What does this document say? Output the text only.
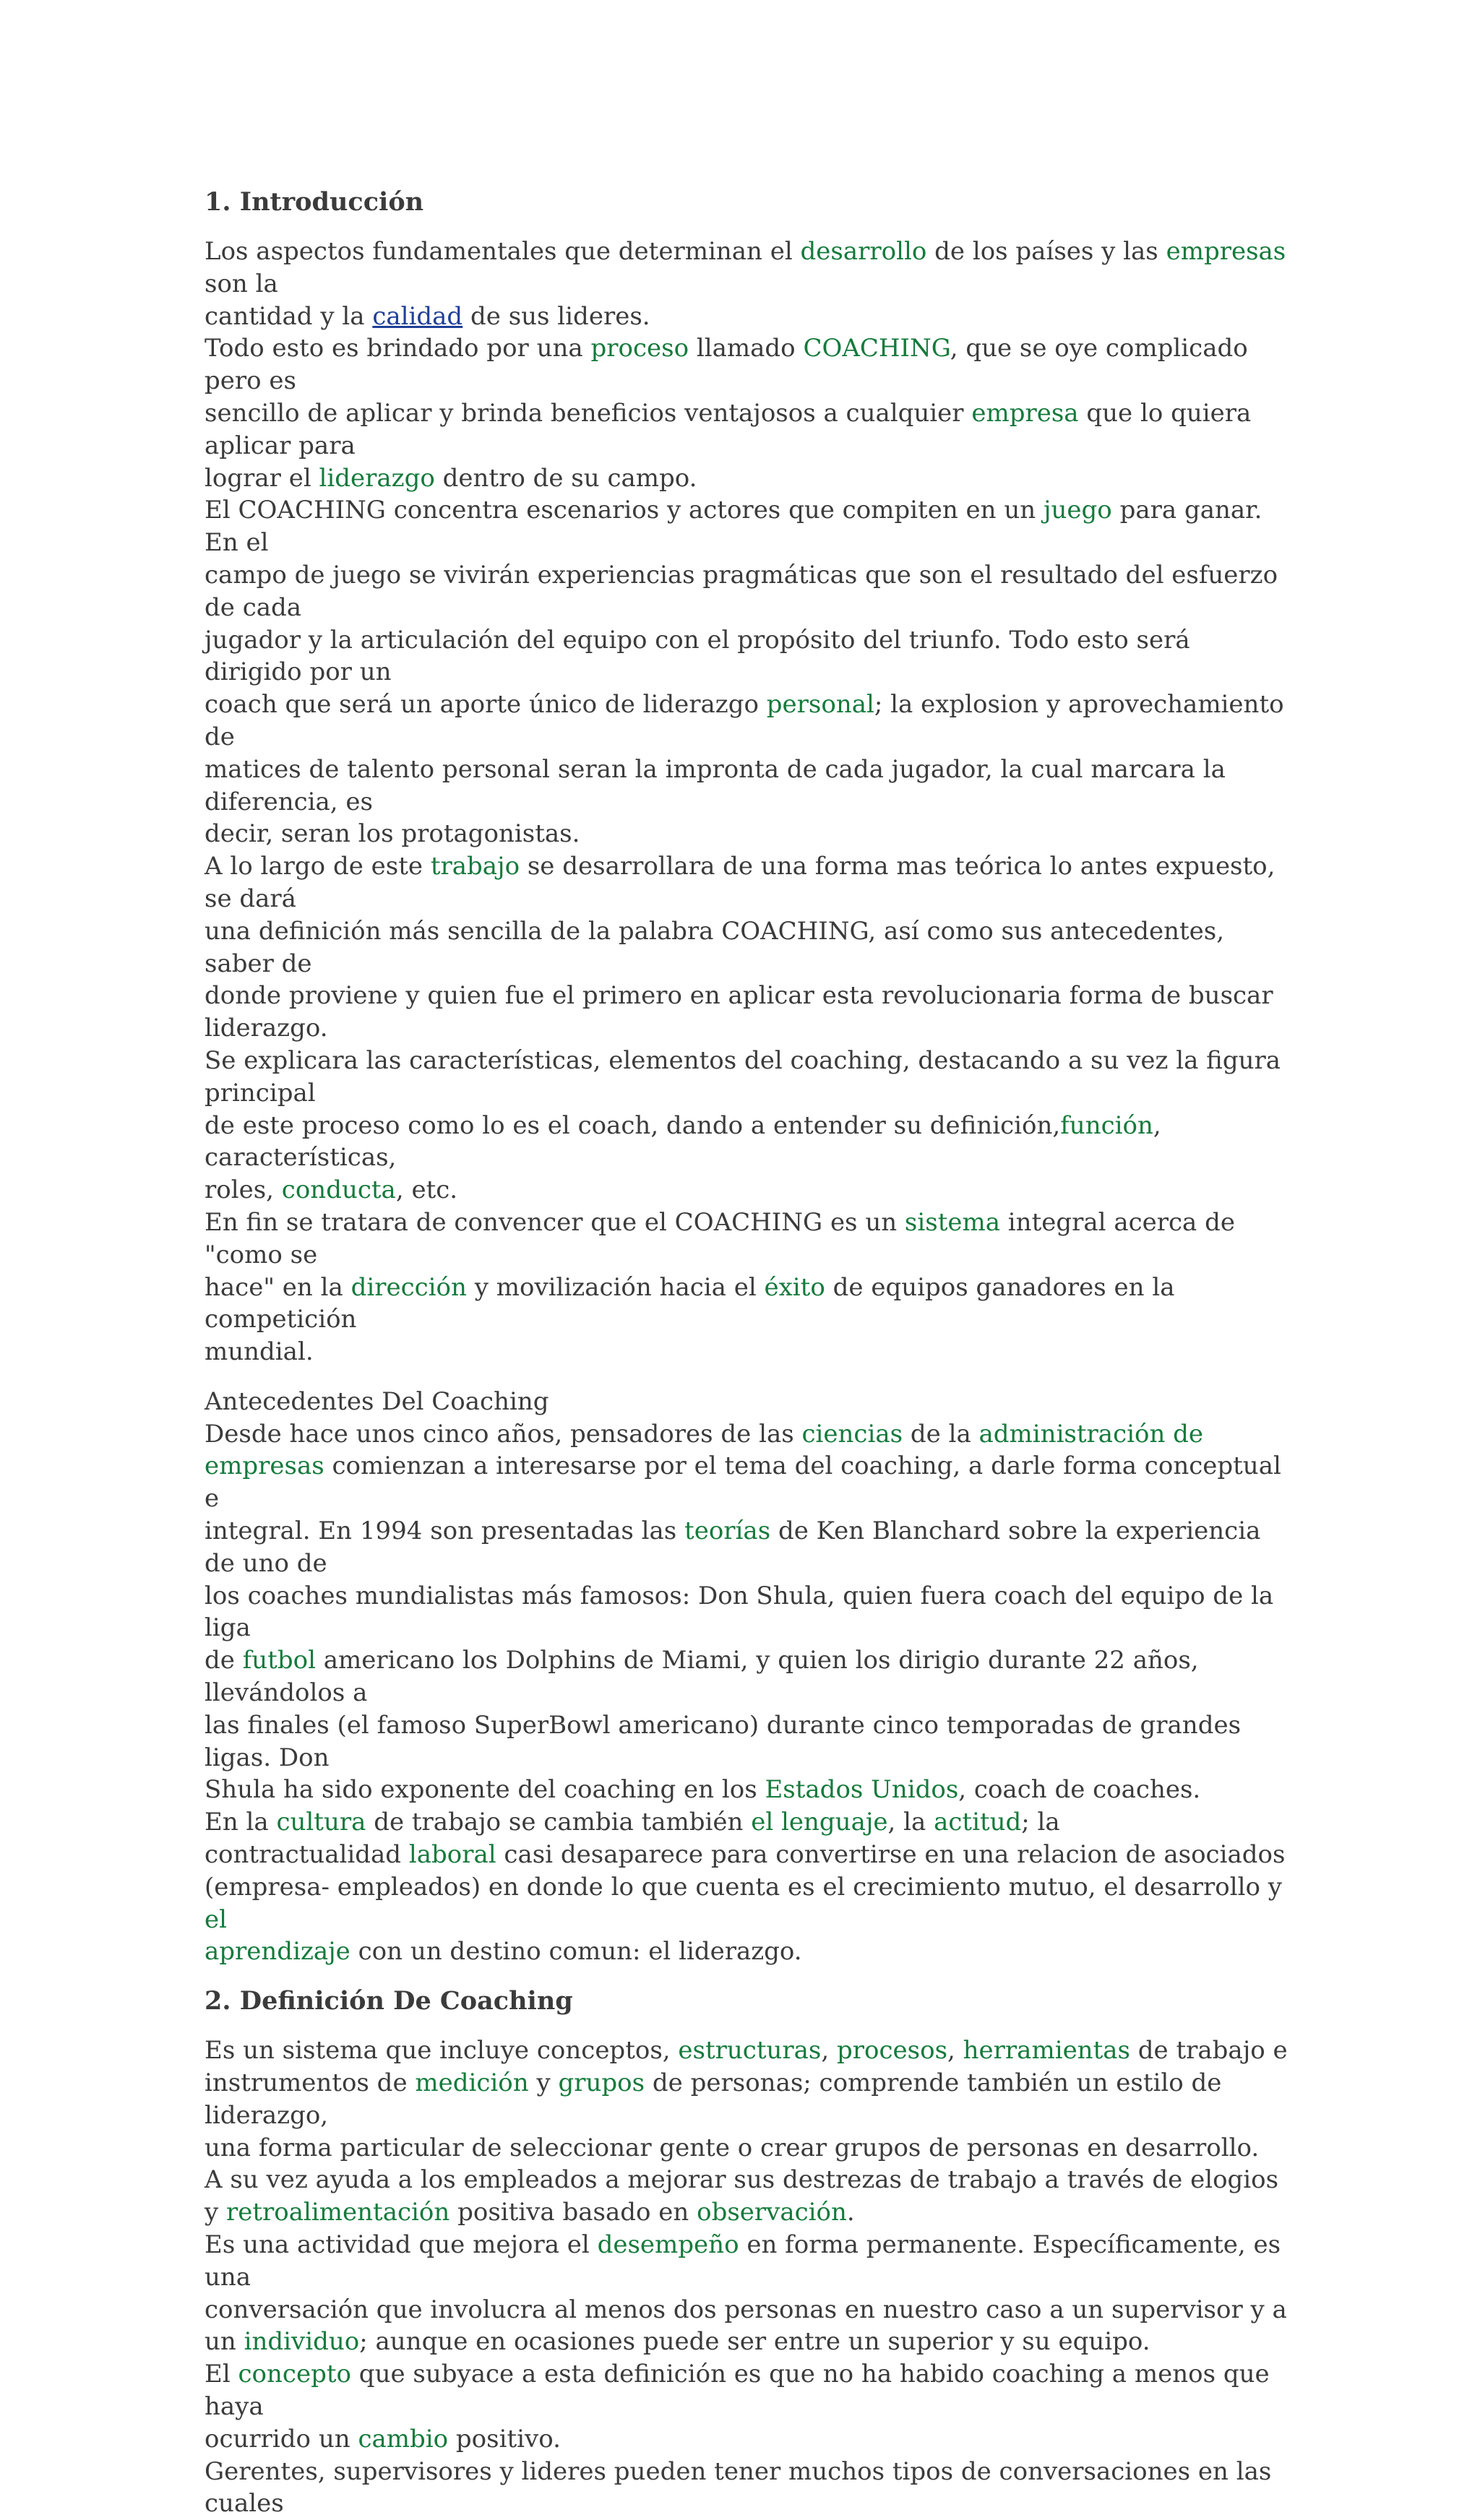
1. Introducción
Los aspectos fundamentales que determinan el desarrollo de los países y las empresas son la
cantidad y la calidad de sus lideres.
Todo esto es brindado por una proceso llamado COACHING, que se oye complicado pero es
sencillo de aplicar y brinda beneficios ventajosos a cualquier empresa que lo quiera aplicar para
lograr el liderazgo dentro de su campo.
El COACHING concentra escenarios y actores que compiten en un juego para ganar. En el
campo de juego se vivirán experiencias pragmáticas que son el resultado del esfuerzo de cada
jugador y la articulación del equipo con el propósito del triunfo. Todo esto será dirigido por un
coach que será un aporte único de liderazgo personal; la explosion y aprovechamiento de
matices de talento personal seran la impronta de cada jugador, la cual marcara la diferencia, es
decir, seran los protagonistas.
A lo largo de este trabajo se desarrollara de una forma mas teórica lo antes expuesto, se dará
una definición más sencilla de la palabra COACHING, así como sus antecedentes, saber de
donde proviene y quien fue el primero en aplicar esta revolucionaria forma de buscar liderazgo.
Se explicara las características, elementos del coaching, destacando a su vez la figura principal
de este proceso como lo es el coach, dando a entender su definición,función, características,
roles, conducta, etc.
En fin se tratara de convencer que el COACHING es un sistema integral acerca de "como se
hace" en la dirección y movilización hacia el éxito de equipos ganadores en la competición
mundial.
Antecedentes Del Coaching
Desde hace unos cinco años, pensadores de las ciencias de la administración de
empresas comienzan a interesarse por el tema del coaching, a darle forma conceptual e
integral. En 1994 son presentadas las teorías de Ken Blanchard sobre la experiencia de uno de
los coaches mundialistas más famosos: Don Shula, quien fuera coach del equipo de la liga
de futbol americano los Dolphins de Miami, y quien los dirigio durante 22 años, llevándolos a
las finales (el famoso SuperBowl americano) durante cinco temporadas de grandes ligas. Don
Shula ha sido exponente del coaching en los Estados Unidos, coach de coaches.
En la cultura de trabajo se cambia también el lenguaje, la actitud; la
contractualidad laboral casi desaparece para convertirse en una relacion de asociados
(empresa- empleados) en donde lo que cuenta es el crecimiento mutuo, el desarrollo y el
aprendizaje con un destino comun: el liderazgo.
2. Definición De Coaching
Es un sistema que incluye conceptos, estructuras, procesos, herramientas de trabajo e
instrumentos de medición y grupos de personas; comprende también un estilo de liderazgo,
una forma particular de seleccionar gente o crear grupos de personas en desarrollo.
A su vez ayuda a los empleados a mejorar sus destrezas de trabajo a través de elogios
y retroalimentación positiva basado en observación.
Es una actividad que mejora el desempeño en forma permanente. Específicamente, es una
conversación que involucra al menos dos personas en nuestro caso a un supervisor y a
un individuo; aunque en ocasiones puede ser entre un superior y su equipo.
El concepto que subyace a esta definición es que no ha habido coaching a menos que haya
ocurrido un cambio positivo.
Gerentes, supervisores y lideres pueden tener muchos tipos de conversaciones en las cuales
